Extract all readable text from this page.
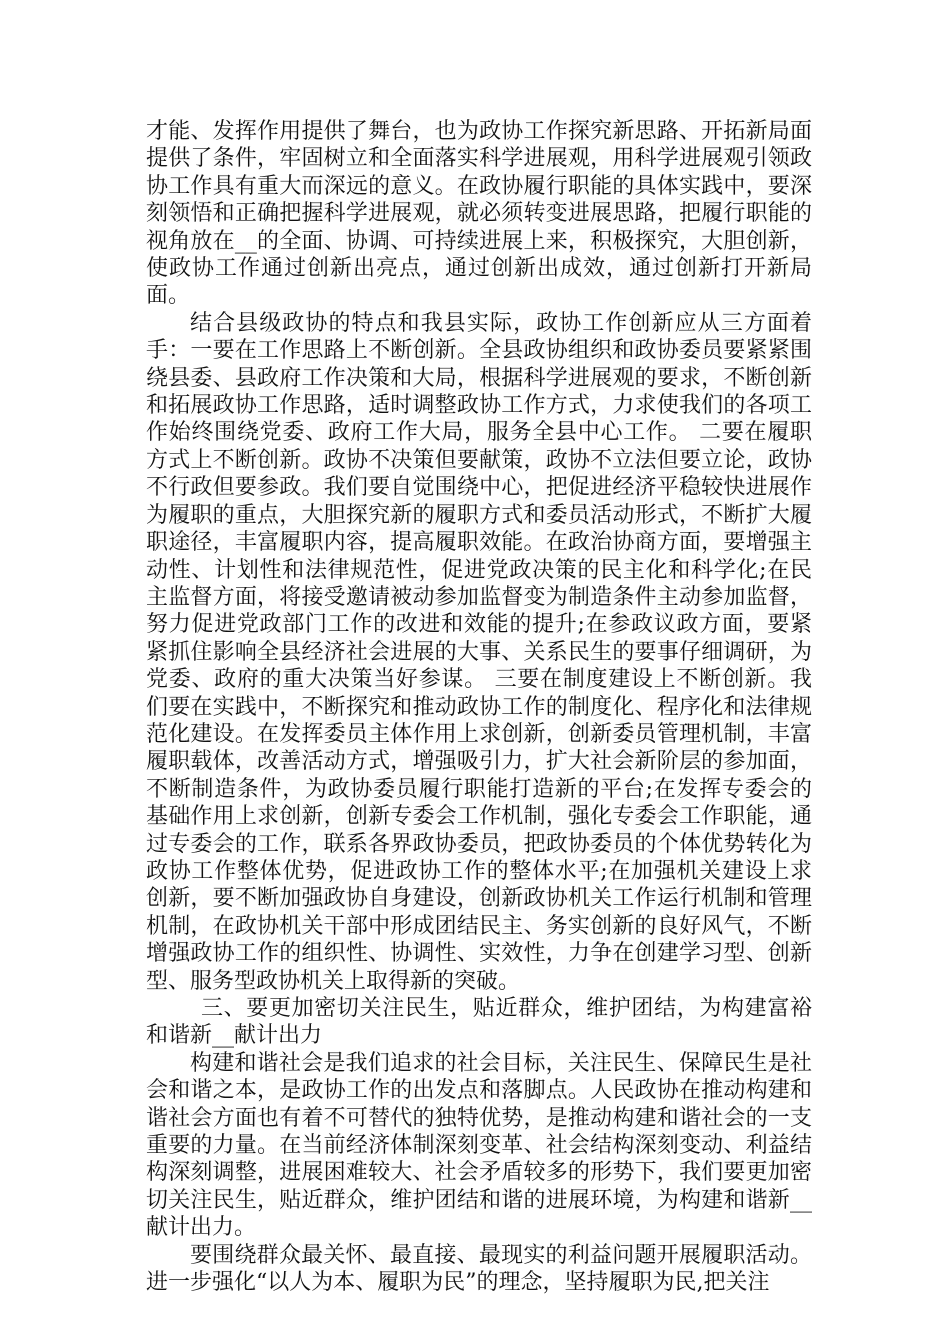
才能、发挥作用提供了舞台，也为政协工作探究新思路、开拓新局面提供了条件，牢固树立和全面落实科学进展观，用科学进展观引领政协工作具有重大而深远的意义。在政协履行职能的具体实践中，要深刻领悟和正确把握科学进展观，就必须转变进展思路，把履行职能的视角放在__的全面、协调、可持续进展上来，积极探究，大胆创新，使政协工作通过创新出亮点，通过创新出成效，通过创新打开新局面。

结合县级政协的特点和我县实际，政协工作创新应从三方面着手：一要在工作思路上不断创新。全县政协组织和政协委员要紧紧围绕县委、县政府工作决策和大局，根据科学进展观的要求，不断创新和拓展政协工作思路，适时调整政协工作方式，力求使我们的各项工作始终围绕党委、政府工作大局，服务全县中心工作。 二要在履职方式上不断创新。政协不决策但要献策，政协不立法但要立论，政协不行政但要参政。我们要自觉围绕中心，把促进经济平稳较快进展作为履职的重点，大胆探究新的履职方式和委员活动形式，不断扩大履职途径，丰富履职内容，提高履职效能。在政治协商方面，要增强主动性、计划性和法律规范性，促进党政决策的民主化和科学化;在民主监督方面，将接受邀请被动参加监督变为制造条件主动参加监督，努力促进党政部门工作的改进和效能的提升;在参政议政方面，要紧紧抓住影响全县经济社会进展的大事、关系民生的要事仔细调研，为党委、政府的重大决策当好参谋。 三要在制度建设上不断创新。我们要在实践中，不断探究和推动政协工作的制度化、程序化和法律规范化建设。在发挥委员主体作用上求创新，创新委员管理机制，丰富履职载体，改善活动方式，增强吸引力，扩大社会新阶层的参加面，不断制造条件，为政协委员履行职能打造新的平台;在发挥专委会的基础作用上求创新，创新专委会工作机制，强化专委会工作职能，通过专委会的工作，联系各界政协委员，把政协委员的个体优势转化为政协工作整体优势，促进政协工作的整体水平;在加强机关建设上求创新，要不断加强政协自身建设，创新政协机关工作运行机制和管理机制，在政协机关干部中形成团结民主、务实创新的良好风气，不断增强政协工作的组织性、协调性、实效性，力争在创建学习型、创新型、服务型政协机关上取得新的突破。

三、要更加密切关注民生，贴近群众，维护团结，为构建富裕和谐新__献计出力

构建和谐社会是我们追求的社会目标，关注民生、保障民生是社会和谐之本，是政协工作的出发点和落脚点。人民政协在推动构建和谐社会方面也有着不可替代的独特优势，是推动构建和谐社会的一支重要的力量。在当前经济体制深刻变革、社会结构深刻变动、利益结构深刻调整，进展困难较大、社会矛盾较多的形势下，我们要更加密切关注民生，贴近群众，维护团结和谐的进展环境，为构建和谐新__献计出力。

要围绕群众最关怀、最直接、最现实的利益问题开展履职活动。进一步强化“以人为本、履职为民”的理念，坚持履职为民,把关注
